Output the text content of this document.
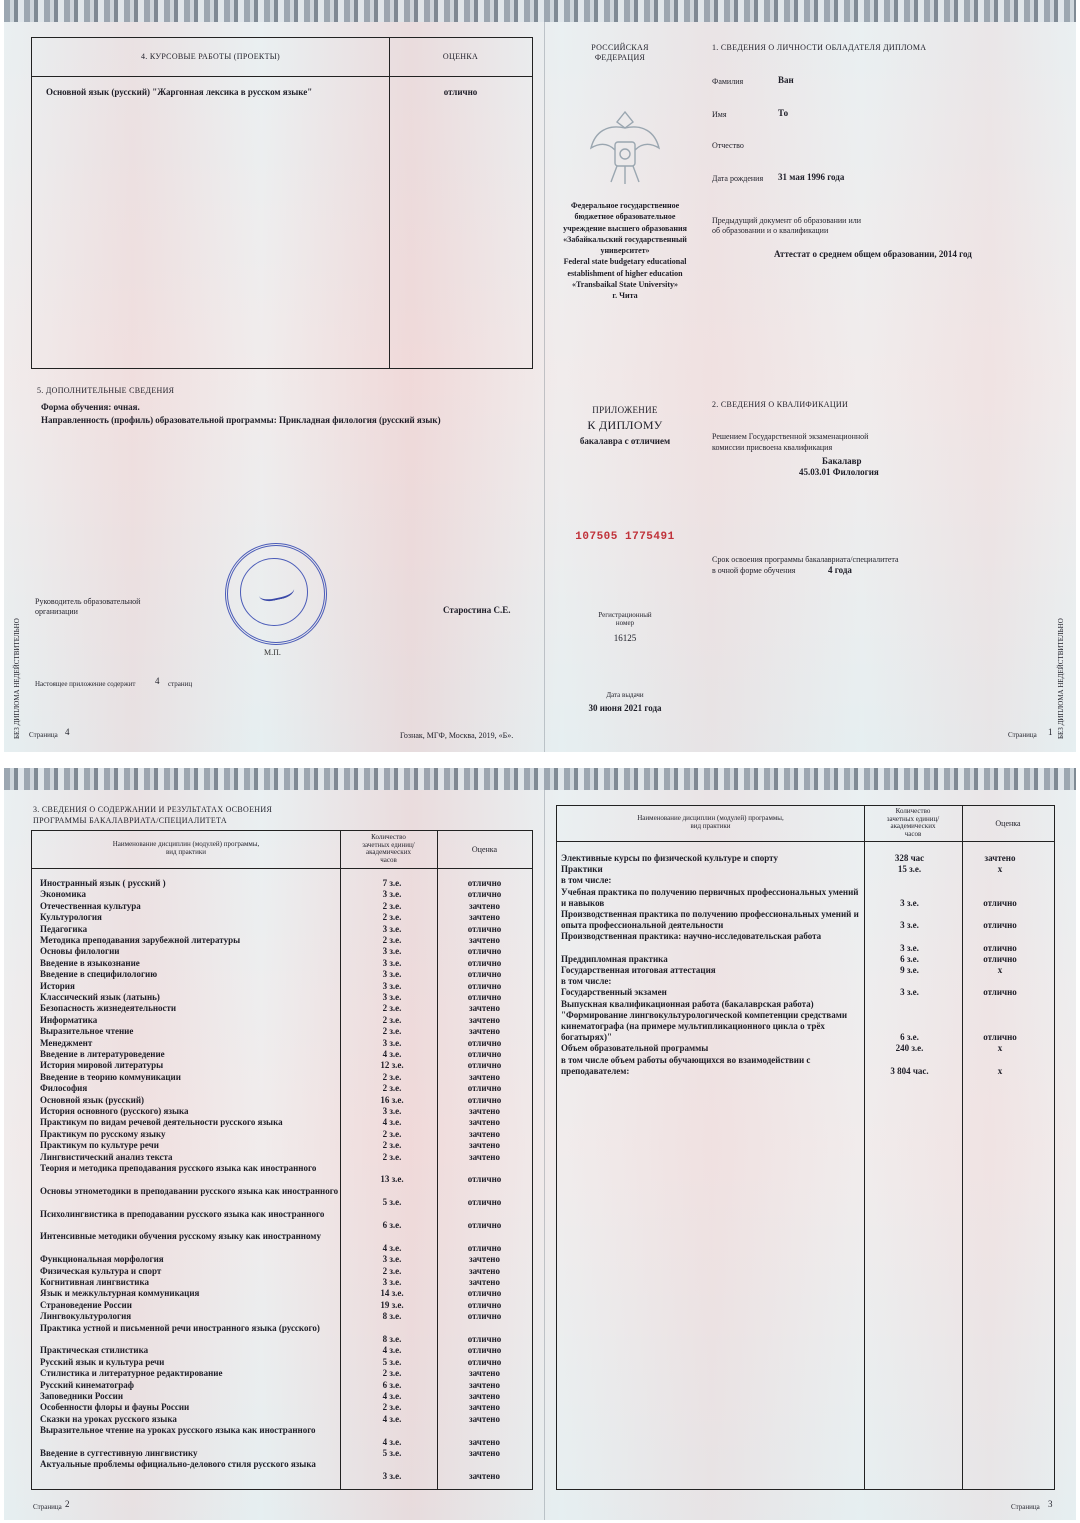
4. КУРСОВЫЕ РАБОТЫ (ПРОЕКТЫ)	ОЦЕНКА
Основной язык (русский) "Жаргонная лексика в русском языке"	отлично
5. ДОПОЛНИТЕЛЬНЫЕ СВЕДЕНИЯ
Форма обучения: очная.
Направленность (профиль) образовательной программы: Прикладная филология (русский язык)
М.П.
Руководитель образовательной
организации	Старостина С.Е.
Настоящее приложение содержит 4 страниц
Страница 4	Гознак, МГФ, Москва, 2019, «Б».
БЕЗ ДИПЛОМА НЕДЕЙСТВИТЕЛЬНО
РОССИЙСКАЯ
ФЕДЕРАЦИЯ
Федеральное государственное
бюджетное образовательное
учреждение высшего образования
«Забайкальский государственный
университет»
Federal state budgetary educational
establishment of higher education
«Transbaikal State University»
г. Чита
ПРИЛОЖЕНИЕ
К ДИПЛОМУ
бакалавра с отличием
107505 1775491
Регистрационный
номер
16125
Дата выдачи
30 июня 2021 года
1. СВЕДЕНИЯ О ЛИЧНОСТИ ОБЛАДАТЕЛЯ ДИПЛОМА
Фамилия	Ван
Имя	То
Отчество
Дата рождения 31 мая 1996 года
Предыдущий документ об образовании или
об образовании и о квалификации
Аттестат о среднем общем образовании, 2014 год
2. СВЕДЕНИЯ О КВАЛИФИКАЦИИ
Решением Государственной экзаменационной
комиссии присвоена квалификация
Бакалавр
45.03.01 Филология
Срок освоения программы бакалавриата/специалитета
в очной форме обучения	4 года
Страница 1 БЕЗ ДИПЛОМА НЕДЕЙСТВИТЕЛЬНО
3. СВЕДЕНИЯ О СОДЕРЖАНИИ И РЕЗУЛЬТАТАХ ОСВОЕНИЯ
ПРОГРАММЫ БАКАЛАВРИАТА/СПЕЦИАЛИТЕТА
Наименование дисциплин (модулей) программы,
вид практики
Количество
зачетных единиц/
академических
часов
Оценка
Иностранный язык ( русский )	7 з.е.	отлично
Экономика	3 з.е.	отлично
Отечественная культура	2 з.е.	зачтено
Культурология	2 з.е.	зачтено
Педагогика	3 з.е.	отлично
Методика преподавания зарубежной литературы	2 з.е.	зачтено
Основы филологии	3 з.е.	отлично
Введение в языкознание	3 з.е.	отлично
Введение в специфилологию	3 з.е.	отлично
История	3 з.е.	отлично
Классический язык (латынь)	3 з.е.	отлично
Безопасность жизнедеятельности	2 з.е.	зачтено
Информатика	2 з.е.	зачтено
Выразительное чтение	2 з.е.	зачтено
Менеджмент	3 з.е.	отлично
Введение в литературоведение	4 з.е.	отлично
История мировой литературы	12 з.е.	отлично
Введение в теорию коммуникации	2 з.е.	зачтено
Философия	2 з.е.	отлично
Основной язык (русский)	16 з.е.	отлично
История основного (русского) языка	3 з.е.	зачтено
Практикум по видам речевой деятельности русского языка	4 з.е.	зачтено
Практикум по русскому языку	2 з.е.	зачтено
Практикум по культуре речи	2 з.е.	зачтено
Лингвистический анализ текста	2 з.е.	зачтено
Теория и методика преподавания русского языка как иностранного
13 з.е.	отлично
Основы этнометодики в преподавании русского языка как иностранного
5 з.е.	отлично
Психолингвистика в преподавании русского языка как иностранного
6 з.е.	отлично
Интенсивные методики обучения русскому языку как иностранному
4 з.е.	отлично
Функциональная морфология	3 з.е.	зачтено
Физическая культура и спорт	2 з.е.	зачтено
Когнитивная лингвистика	3 з.е.	зачтено
Язык и межкультурная коммуникация	14 з.е.	отлично
Страноведение России	19 з.е.	отлично
Лингвокультурология	8 з.е.	отлично
Практика устной и письменной речи иностранного языка (русского)
8 з.е.	отлично
Практическая стилистика	4 з.е.	отлично
Русский язык и культура речи	5 з.е.	отлично
Стилистика и литературное редактирование	2 з.е.	зачтено
Русский кинематограф	6 з.е.	зачтено
Заповедники России	4 з.е.	зачтено
Особенности флоры и фауны России	2 з.е.	зачтено
Сказки на уроках русского языка	4 з.е.	зачтено
Выразительное чтение на уроках русского языка как иностранного
4 з.е.	зачтено
Введение в суггестивную лингвистику	5 з.е.	зачтено
Актуальные проблемы официально-делового стиля русского языка
3 з.е.	зачтено
Страница 2
Наименование дисциплин (модулей) программы,
вид практики
Количество
зачетных единиц/
академических
часов
Оценка
Элективные курсы по физической культуре и спорту	328 час	зачтено
Практики	15 з.е.	x
в том числе:
Учебная практика по получению первичных профессиональных умений и навыков	3 з.е.	отлично
Производственная практика по получению профессиональных умений и опыта профессиональной деятельности	3 з.е.	отлично
Производственная практика: научно-исследовательская работа
3 з.е.	отлично
Преддипломная практика	6 з.е.	отлично
Государственная итоговая аттестация	9 з.е.	x
в том числе:
Государственный экзамен	3 з.е.	отлично
Выпускная квалификационная работа (бакалаврская работа) "Формирование лингвокультурологической компетенции средствами кинематографа (на примере мультипликационного цикла о трёх богатырях)"	6 з.е.	отлично
Объем образовательной программы	240 з.е.	x
в том числе объем работы обучающихся во взаимодействии с преподавателем:	3 804 час.	x
Страница 3
